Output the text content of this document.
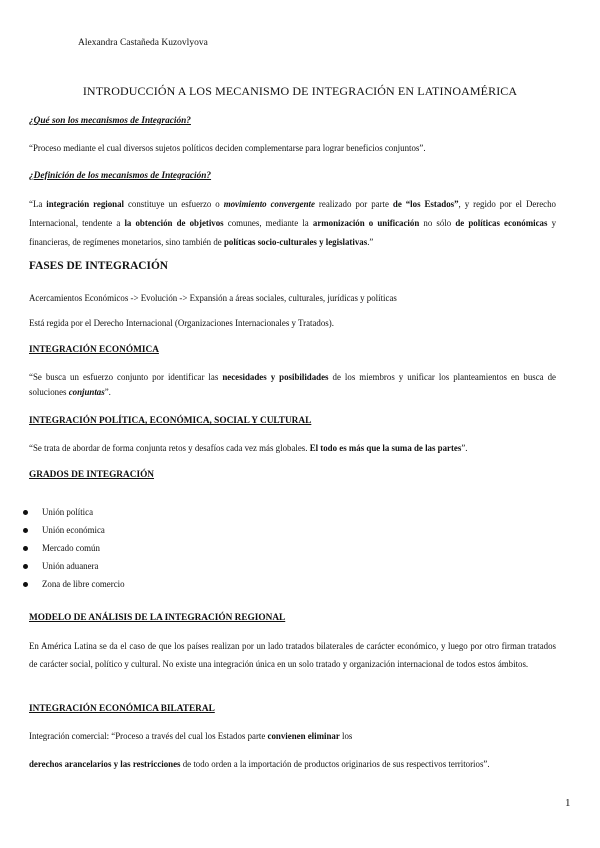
Alexandra Castañeda Kuzovlyova
INTRODUCCIÓN A LOS MECANISMO DE INTEGRACIÓN EN LATINOAMÉRICA
¿Qué son los mecanismos de Integración?
“Proceso mediante el cual diversos sujetos políticos deciden complementarse para lograr beneficios conjuntos”.
¿Definición de los mecanismos de Integración?
“La integración regional constituye un esfuerzo o movimiento convergente realizado por parte de “los Estados”, y regido por el Derecho Internacional, tendente a la obtención de objetivos comunes, mediante la armonización o unificación no sólo de políticas económicas y financieras, de regímenes monetarios, sino también de políticas socio-culturales y legislativas.”
FASES DE INTEGRACIÓN
Acercamientos Económicos -> Evolución -> Expansión a áreas sociales, culturales, jurídicas y políticas
Está regida por el Derecho Internacional (Organizaciones Internacionales y Tratados).
INTEGRACIÓN ECONÓMICA
“Se busca un esfuerzo conjunto por identificar las necesidades y posibilidades de los miembros y unificar los planteamientos en busca de soluciones conjuntas”.
INTEGRACIÓN POLÍTICA, ECONÓMICA, SOCIAL Y CULTURAL
“Se trata de abordar de forma conjunta retos y desafíos cada vez más globales. El todo es más que la suma de las partes”.
GRADOS DE INTEGRACIÓN
Unión política
Unión económica
Mercado común
Unión aduanera
Zona de libre comercio
MODELO DE ANÁLISIS DE LA INTEGRACIÓN REGIONAL
En América Latina se da el caso de que los países realizan por un lado tratados bilaterales de carácter económico, y luego por otro firman tratados de carácter social, político y cultural. No existe una integración única en un solo tratado y organización internacional de todos estos ámbitos.
INTEGRACIÓN ECONÓMICA BILATERAL
Integración comercial: “Proceso a través del cual los Estados parte convienen eliminar los
derechos arancelarios y las restricciones de todo orden a la importación de productos originarios de sus respectivos territorios”.
1
